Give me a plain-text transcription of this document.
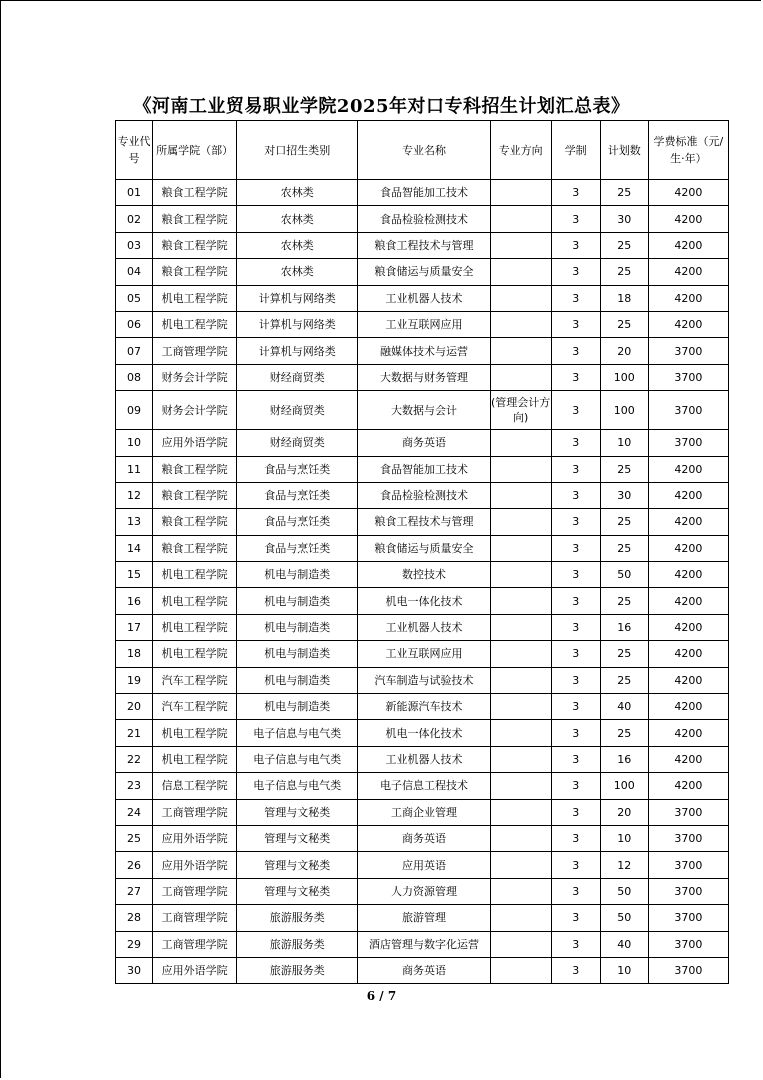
《河南工业贸易职业学院2025年对口专科招生计划汇总表》
专业代号	所属学院（部）	对口招生类别	专业名称	专业方向	学制	计划数	学费标准（元/生·年）
01	粮食工程学院	农林类	食品智能加工技术		3	25	4200
02	粮食工程学院	农林类	食品检验检测技术		3	30	4200
03	粮食工程学院	农林类	粮食工程技术与管理		3	25	4200
04	粮食工程学院	农林类	粮食储运与质量安全		3	25	4200
05	机电工程学院	计算机与网络类	工业机器人技术		3	18	4200
06	机电工程学院	计算机与网络类	工业互联网应用		3	25	4200
07	工商管理学院	计算机与网络类	融媒体技术与运营		3	20	3700
08	财务会计学院	财经商贸类	大数据与财务管理		3	100	3700
09	财务会计学院	财经商贸类	大数据与会计	(管理会计方向)	3	100	3700
10	应用外语学院	财经商贸类	商务英语		3	10	3700
11	粮食工程学院	食品与烹饪类	食品智能加工技术		3	25	4200
12	粮食工程学院	食品与烹饪类	食品检验检测技术		3	30	4200
13	粮食工程学院	食品与烹饪类	粮食工程技术与管理		3	25	4200
14	粮食工程学院	食品与烹饪类	粮食储运与质量安全		3	25	4200
15	机电工程学院	机电与制造类	数控技术		3	50	4200
16	机电工程学院	机电与制造类	机电一体化技术		3	25	4200
17	机电工程学院	机电与制造类	工业机器人技术		3	16	4200
18	机电工程学院	机电与制造类	工业互联网应用		3	25	4200
19	汽车工程学院	机电与制造类	汽车制造与试验技术		3	25	4200
20	汽车工程学院	机电与制造类	新能源汽车技术		3	40	4200
21	机电工程学院	电子信息与电气类	机电一体化技术		3	25	4200
22	机电工程学院	电子信息与电气类	工业机器人技术		3	16	4200
23	信息工程学院	电子信息与电气类	电子信息工程技术		3	100	4200
24	工商管理学院	管理与文秘类	工商企业管理		3	20	3700
25	应用外语学院	管理与文秘类	商务英语		3	10	3700
26	应用外语学院	管理与文秘类	应用英语		3	12	3700
27	工商管理学院	管理与文秘类	人力资源管理		3	50	3700
28	工商管理学院	旅游服务类	旅游管理		3	50	3700
29	工商管理学院	旅游服务类	酒店管理与数字化运营		3	40	3700
30	应用外语学院	旅游服务类	商务英语		3	10	3700
6 / 7
